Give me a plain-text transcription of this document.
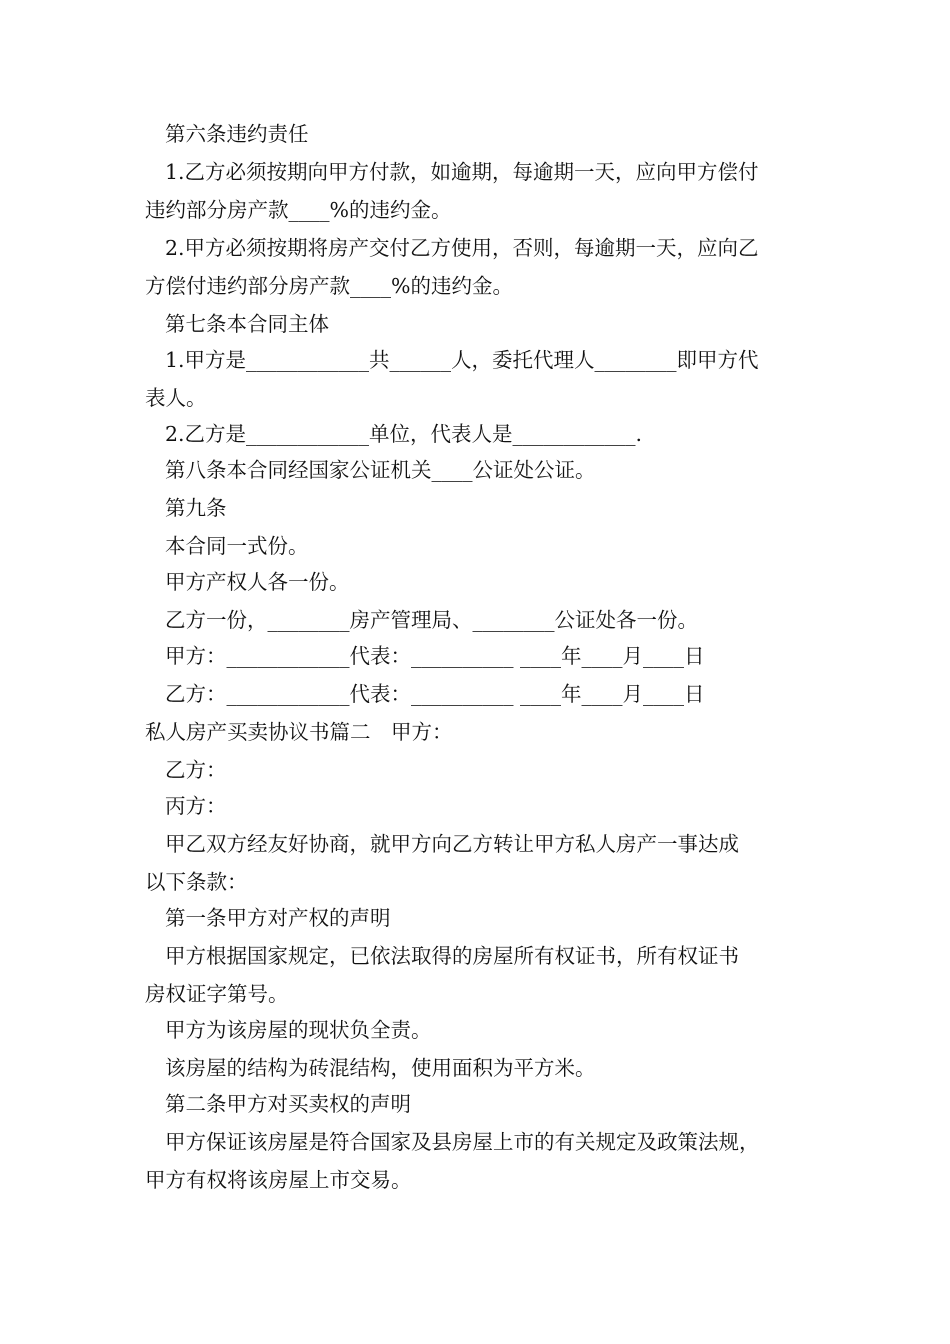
第六条违约责任
1.乙方必须按期向甲方付款，如逾期，每逾期一天，应向甲方偿付
违约部分房产款____%的违约金。
2.甲方必须按期将房产交付乙方使用，否则，每逾期一天，应向乙
方偿付违约部分房产款____%的违约金。
第七条本合同主体
1.甲方是____________共______人，委托代理人________即甲方代
表人。
2.乙方是____________单位，代表人是____________.
第八条本合同经国家公证机关____公证处公证。
第九条
本合同一式份。
甲方产权人各一份。
乙方一份，________房产管理局、________公证处各一份。
甲方：____________代表：__________ ____年____月____日
乙方：____________代表：__________ ____年____月____日
私人房产买卖协议书篇二　甲方：
乙方：
丙方：
甲乙双方经友好协商，就甲方向乙方转让甲方私人房产一事达成
以下条款：
第一条甲方对产权的声明
甲方根据国家规定，已依法取得的房屋所有权证书，所有权证书
房权证字第号。
甲方为该房屋的现状负全责。
该房屋的结构为砖混结构，使用面积为平方米。
第二条甲方对买卖权的声明
甲方保证该房屋是符合国家及县房屋上市的有关规定及政策法规，
甲方有权将该房屋上市交易。
